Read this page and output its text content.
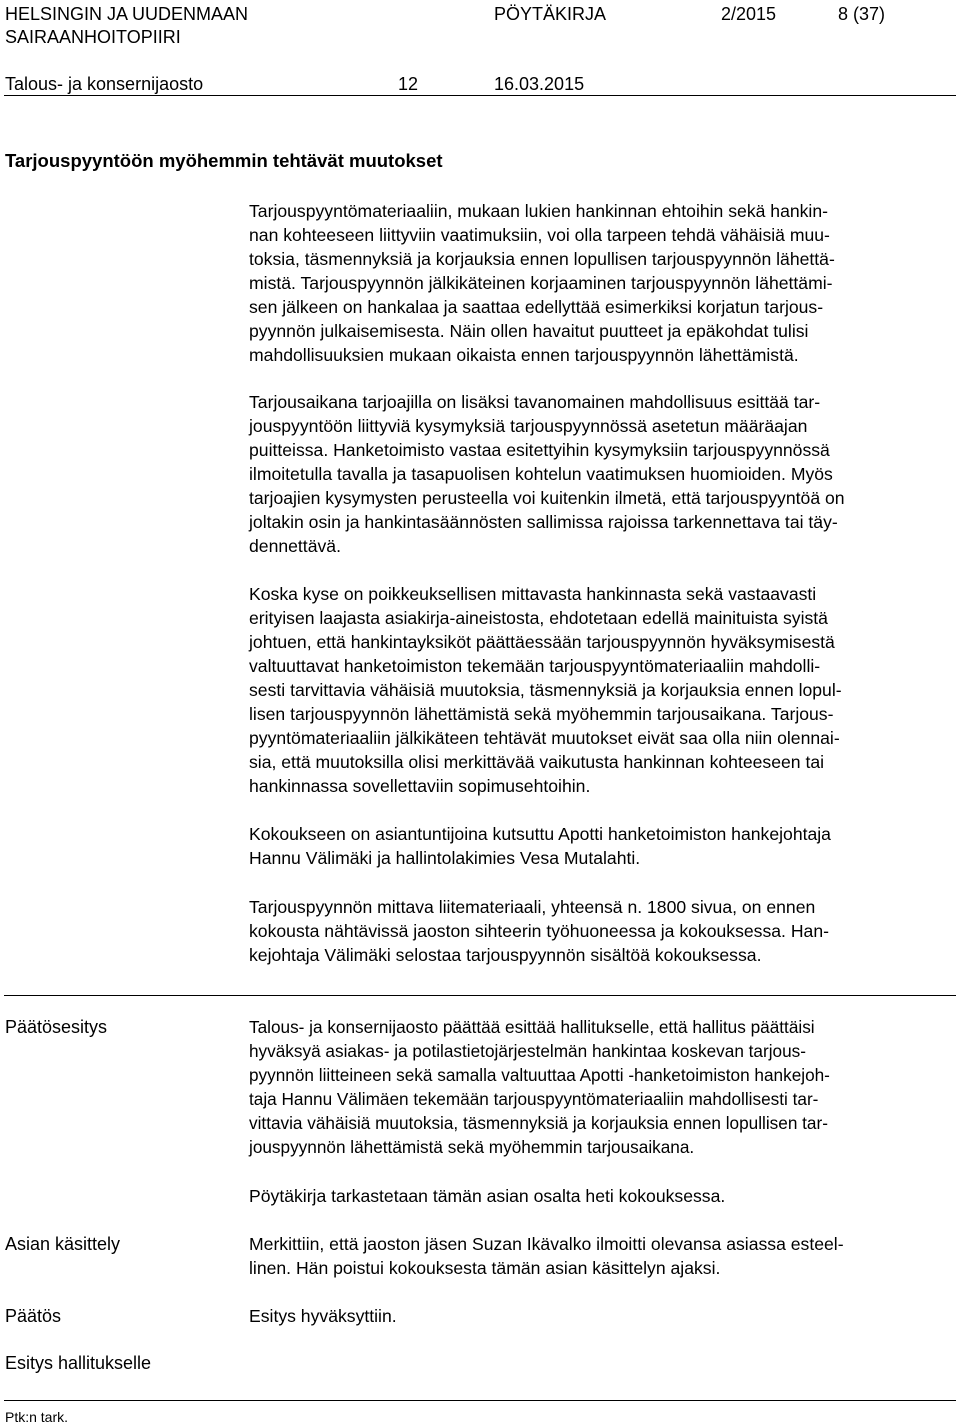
HELSINGIN JA UUDENMAAN
SAIRAANHOITOPIIRI
PÖYTÄKIRJA	2/2015	8 (37)
Talous- ja konsernijaosto	12	16.03.2015
Tarjouspyyntöön myöhemmin tehtävät muutokset
Tarjouspyyntömateriaaliin, mukaan lukien hankinnan ehtoihin sekä hankin-
nan kohteeseen liittyviin vaatimuksiin, voi olla tarpeen tehdä vähäisiä muu-
toksia, täsmennyksiä ja korjauksia ennen lopullisen tarjouspyynnön lähettä-
mistä. Tarjouspyynnön jälkikäteinen korjaaminen tarjouspyynnön lähettämi-
sen jälkeen on hankalaa ja saattaa edellyttää esimerkiksi korjatun tarjous-
pyynnön julkaisemisesta. Näin ollen havaitut puutteet ja epäkohdat tulisi
mahdollisuuksien mukaan oikaista ennen tarjouspyynnön lähettämistä.
Tarjousaikana tarjoajilla on lisäksi tavanomainen mahdollisuus esittää tar-
jouspyyntöön liittyviä kysymyksiä tarjouspyynnössä asetetun määräajan
puitteissa. Hanketoimisto vastaa esitettyihin kysymyksiin tarjouspyynnössä
ilmoitetulla tavalla ja tasapuolisen kohtelun vaatimuksen huomioiden. Myös
tarjoajien kysymysten perusteella voi kuitenkin ilmetä, että tarjouspyyntöä on
joltakin osin ja hankintasäännösten sallimissa rajoissa tarkennettava tai täy-
dennettävä.
Koska kyse on poikkeuksellisen mittavasta hankinnasta sekä vastaavasti
erityisen laajasta asiakirja-aineistosta, ehdotetaan edellä mainituista syistä
johtuen, että hankintayksiköt päättäessään tarjouspyynnön hyväksymisestä
valtuuttavat hanketoimiston tekemään tarjouspyyntömateriaaliin mahdolli-
sesti tarvittavia vähäisiä muutoksia, täsmennyksiä ja korjauksia ennen lopul-
lisen tarjouspyynnön lähettämistä sekä myöhemmin tarjousaikana. Tarjous-
pyyntömateriaaliin jälkikäteen tehtävät muutokset eivät saa olla niin olennai-
sia, että muutoksilla olisi merkittävää vaikutusta hankinnan kohteeseen tai
hankinnassa sovellettaviin sopimusehtoihin.
Kokoukseen on asiantuntijoina kutsuttu Apotti hanketoimiston hankejohtaja
Hannu Välimäki ja hallintolakimies Vesa Mutalahti.
Tarjouspyynnön mittava liitemateriaali, yhteensä n. 1800 sivua, on ennen
kokousta nähtävissä jaoston sihteerin työhuoneessa ja kokouksessa. Han-
kejohtaja Välimäki selostaa tarjouspyynnön sisältöä kokouksessa.
Päätösesitys	Talous- ja konsernijaosto päättää esittää hallitukselle, että hallitus päättäisi
hyväksyä asiakas- ja potilastietojärjestelmän hankintaa koskevan tarjous-
pyynnön liitteineen sekä samalla valtuuttaa Apotti -hanketoimiston hankejoh-
taja Hannu Välimäen tekemään tarjouspyyntömateriaaliin mahdollisesti tar-
vittavia vähäisiä muutoksia, täsmennyksiä ja korjauksia ennen lopullisen tar-
jouspyynnön lähettämistä sekä myöhemmin tarjousaikana.
Pöytäkirja tarkastetaan tämän asian osalta heti kokouksessa.
Asian käsittely	Merkittiin, että jaoston jäsen Suzan Ikävalko ilmoitti olevansa asiassa esteel-
linen. Hän poistui kokouksesta tämän asian käsittelyn ajaksi.
Päätös	Esitys hyväksyttiin.
Esitys hallitukselle
Ptk:n tark.
